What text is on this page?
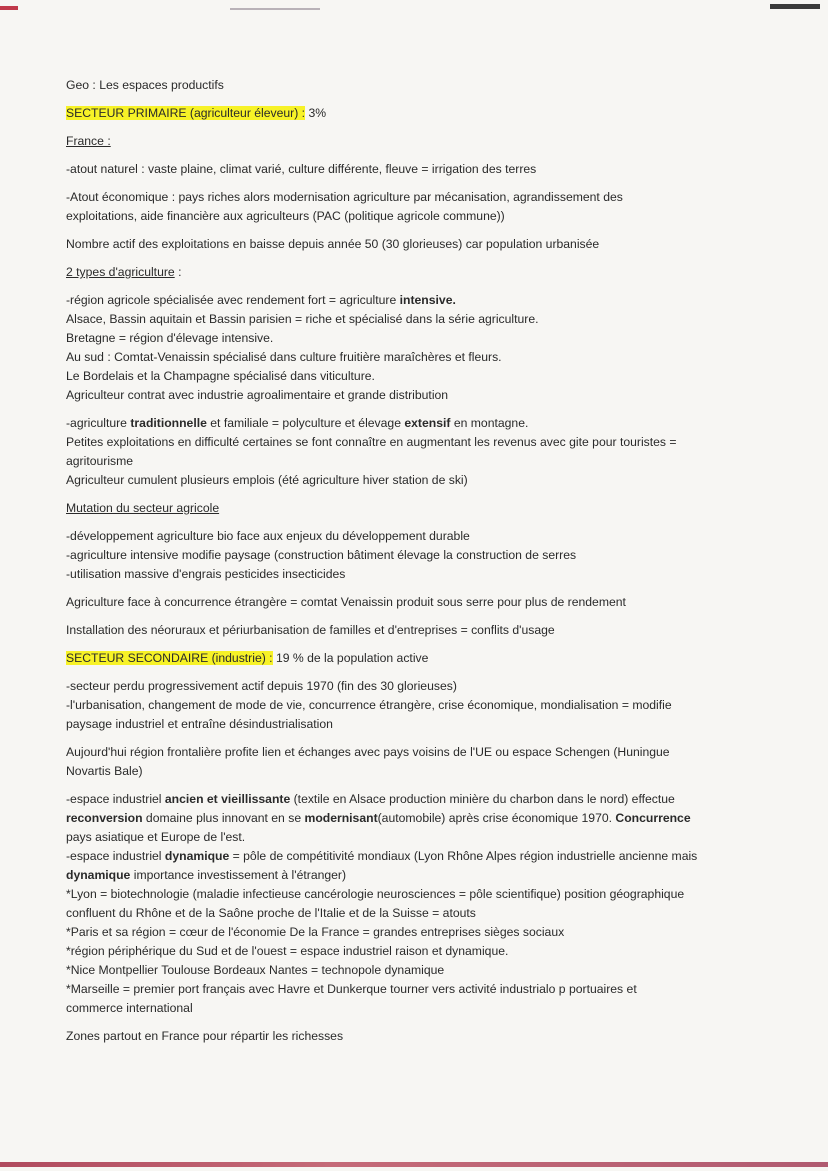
Geo : Les espaces productifs

SECTEUR PRIMAIRE (agriculteur éleveur) : 3%

France :

-atout naturel : vaste plaine, climat varié, culture différente, fleuve = irrigation des terres

-Atout économique : pays riches alors modernisation agriculture par mécanisation, agrandissement des

exploitations, aide financière aux agriculteurs (PAC (politique agricole commune))

Nombre actif des exploitations en baisse depuis année 50 (30 glorieuses) car population urbanisée

2 types d'agriculture :

-région agricole spécialisée avec rendement fort = agriculture intensive.

Alsace, Bassin aquitain et Bassin parisien = riche et spécialisé dans la série agriculture.

Bretagne = région d'élevage intensive.

Au sud : Comtat-Venaissin spécialisé dans culture fruitière maraîchères et fleurs.

Le Bordelais et la Champagne spécialisé dans viticulture.

Agriculteur contrat avec industrie agroalimentaire et grande distribution

-agriculture traditionnelle et familiale = polyculture et élevage extensif en montagne.

Petites exploitations en difficulté certaines se font connaître en augmentant les revenus avec gite pour touristes =

agritourisme

Agriculteur cumulent plusieurs emplois (été agriculture hiver station de ski)

Mutation du secteur agricole

-développement agriculture bio face aux enjeux du développement durable

-agriculture intensive modifie paysage (construction bâtiment élevage la construction de serres

-utilisation massive d'engrais pesticides insecticides

Agriculture face à concurrence étrangère = comtat Venaissin produit sous serre pour plus de rendement

Installation des néoruraux et périurbanisation de familles et d'entreprises = conflits d'usage

SECTEUR SECONDAIRE (industrie) : 19 % de la population active

-secteur perdu progressivement actif depuis 1970 (fin des 30 glorieuses)

-l'urbanisation, changement de mode de vie, concurrence étrangère, crise économique, mondialisation = modifie

paysage industriel et entraîne désindustrialisation

Aujourd'hui région frontalière profite lien et échanges avec pays voisins de l'UE ou espace Schengen (Huningue

Novartis Bale)

-espace industriel ancien et vieillissante (textile en Alsace production minière du charbon dans le nord) effectue

reconversion domaine plus innovant en se modernisant(automobile) après crise économique 1970. Concurrence

pays asiatique et Europe de l'est.

-espace industriel dynamique = pôle de compétitivité mondiaux (Lyon Rhône Alpes région industrielle ancienne mais

dynamique importance investissement à l'étranger)

*Lyon = biotechnologie (maladie infectieuse cancérologie neurosciences = pôle scientifique) position géographique

confluent du Rhône et de la Saône proche de l'Italie et de la Suisse = atouts

*Paris et sa région = cœur de l'économie De la France = grandes entreprises sièges sociaux

*région périphérique du Sud et de l'ouest = espace industriel raison et dynamique.

*Nice Montpellier Toulouse Bordeaux Nantes = technopole dynamique

*Marseille = premier port français avec Havre et Dunkerque tourner vers activité industrialo p portuaires et

commerce international

Zones partout en France pour répartir les richesses
